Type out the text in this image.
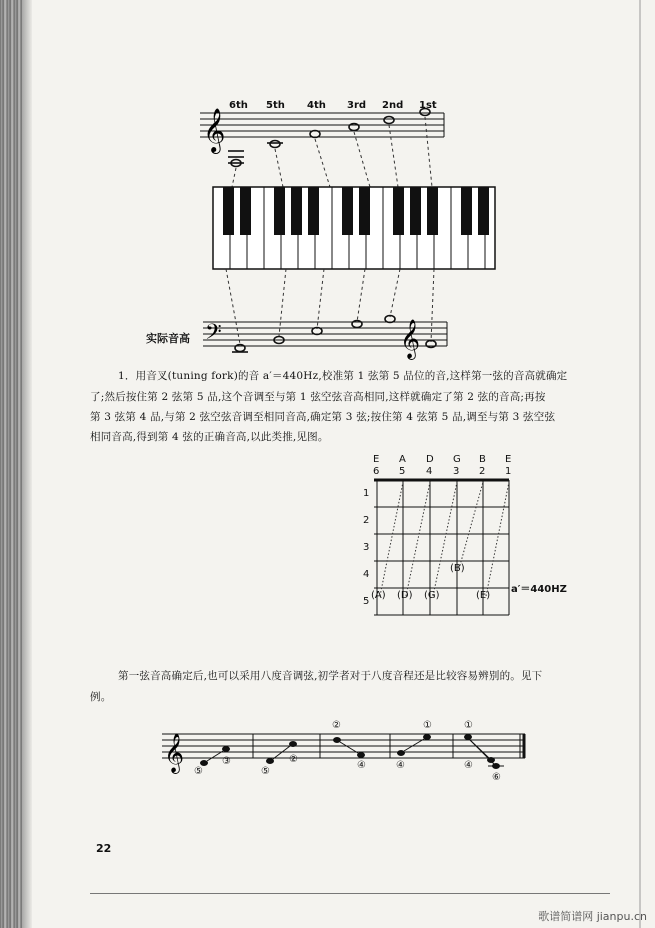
6th 5th 4th 3rd 2nd 1st
𝄞
𝄢	𝄞
𝄞
实际音高
1．用音叉(tuning fork)的音 a′＝440Hz,校准第 1 弦第 5 品位的音,这样第一弦的音高就确定
了;然后按住第 2 弦第 5 品,这个音调至与第 1 弦空弦音高相同,这样就确定了第 2 弦的音高;再按
第 3 弦第 4 品,与第 2 弦空弦音调至相同音高,确定第 3 弦;按住第 4 弦第 5 品,调至与第 3 弦空弦
相同音高,得到第 4 弦的正确音高,以此类推,见图。
E A D G B E
6 5 4 3 2 1
1
2
3
4
5
(A) (D) (G)	(E)
(B)
a′＝440HZ
第一弦音高确定后,也可以采用八度音调弦,初学者对于八度音程还是比较容易辨别的。见下
例。
⑤
③
⑤
②
②
④	④
①	①
④
⑥
22
歌谱简谱网 jianpu.cn
